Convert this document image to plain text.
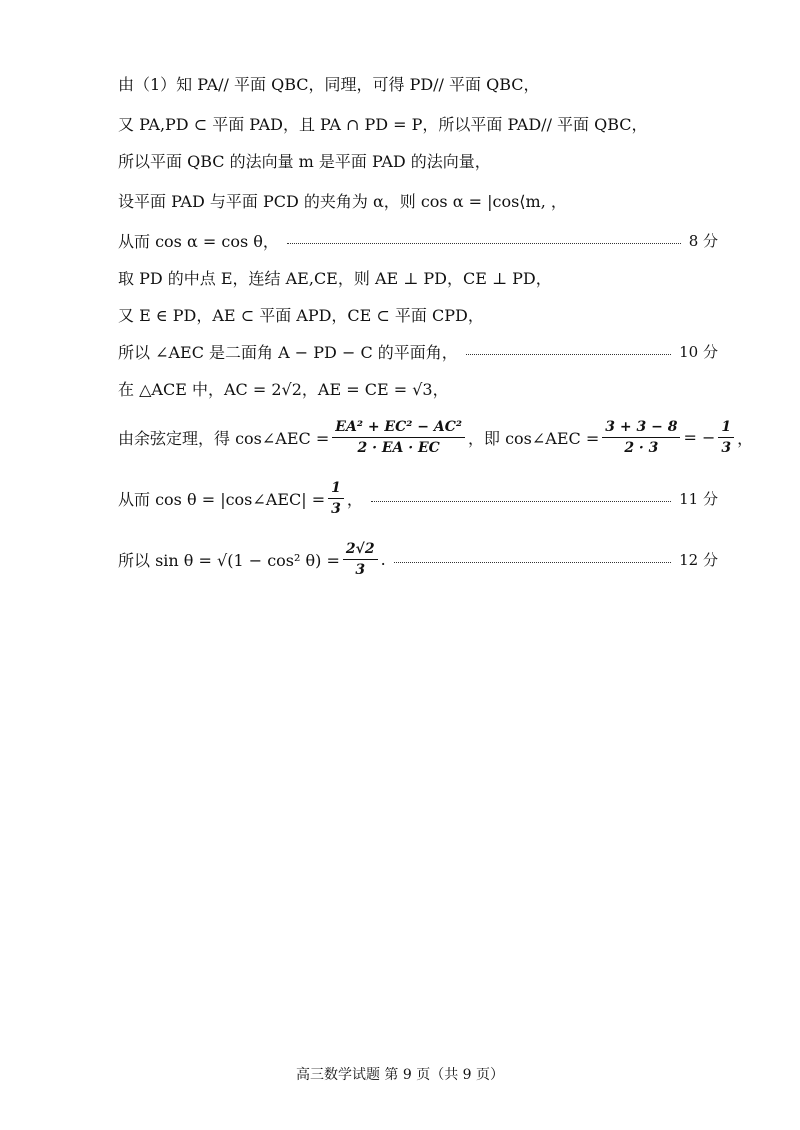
由（1）知 PA// 平面 QBC，同理，可得 PD// 平面 QBC，
又 PA,PD ⊂ 平面 PAD，且 PA ∩ PD = P，所以平面 PAD// 平面 QBC，
所以平面 QBC 的法向量 m 是平面 PAD 的法向量，
设平面 PAD 与平面 PCD 的夹角为 α，则 cos α = |cos⟨m, ，
从而 cos α = cos θ，	8 分
取 PD 的中点 E，连结 AE,CE，则 AE ⊥ PD，CE ⊥ PD，
又 E ∈ PD，AE ⊂ 平面 APD，CE ⊂ 平面 CPD，
所以 ∠AEC 是二面角 A − PD − C 的平面角，	10 分
在 △ACE 中，AC = 2√2，AE = CE = √3，
由余弦定理，得 cos∠AEC = $\frac{\text{EA² + EC² − AC²}}{2 \cdot EA \cdot EC}$ ，即 cos∠AEC = $\frac{3 + 3 - 8}{2 \cdot 3}$ = − $\frac{1}{3}$ ，
从而 cos θ = |cos∠AEC| = $\frac{1}{3}$ ，	11 分
所以 sin θ = √(1 − cos² $\theta) = \frac{2√2}{3}$ .	12 分
高三数学试题 第 9 页（共 9 页）
